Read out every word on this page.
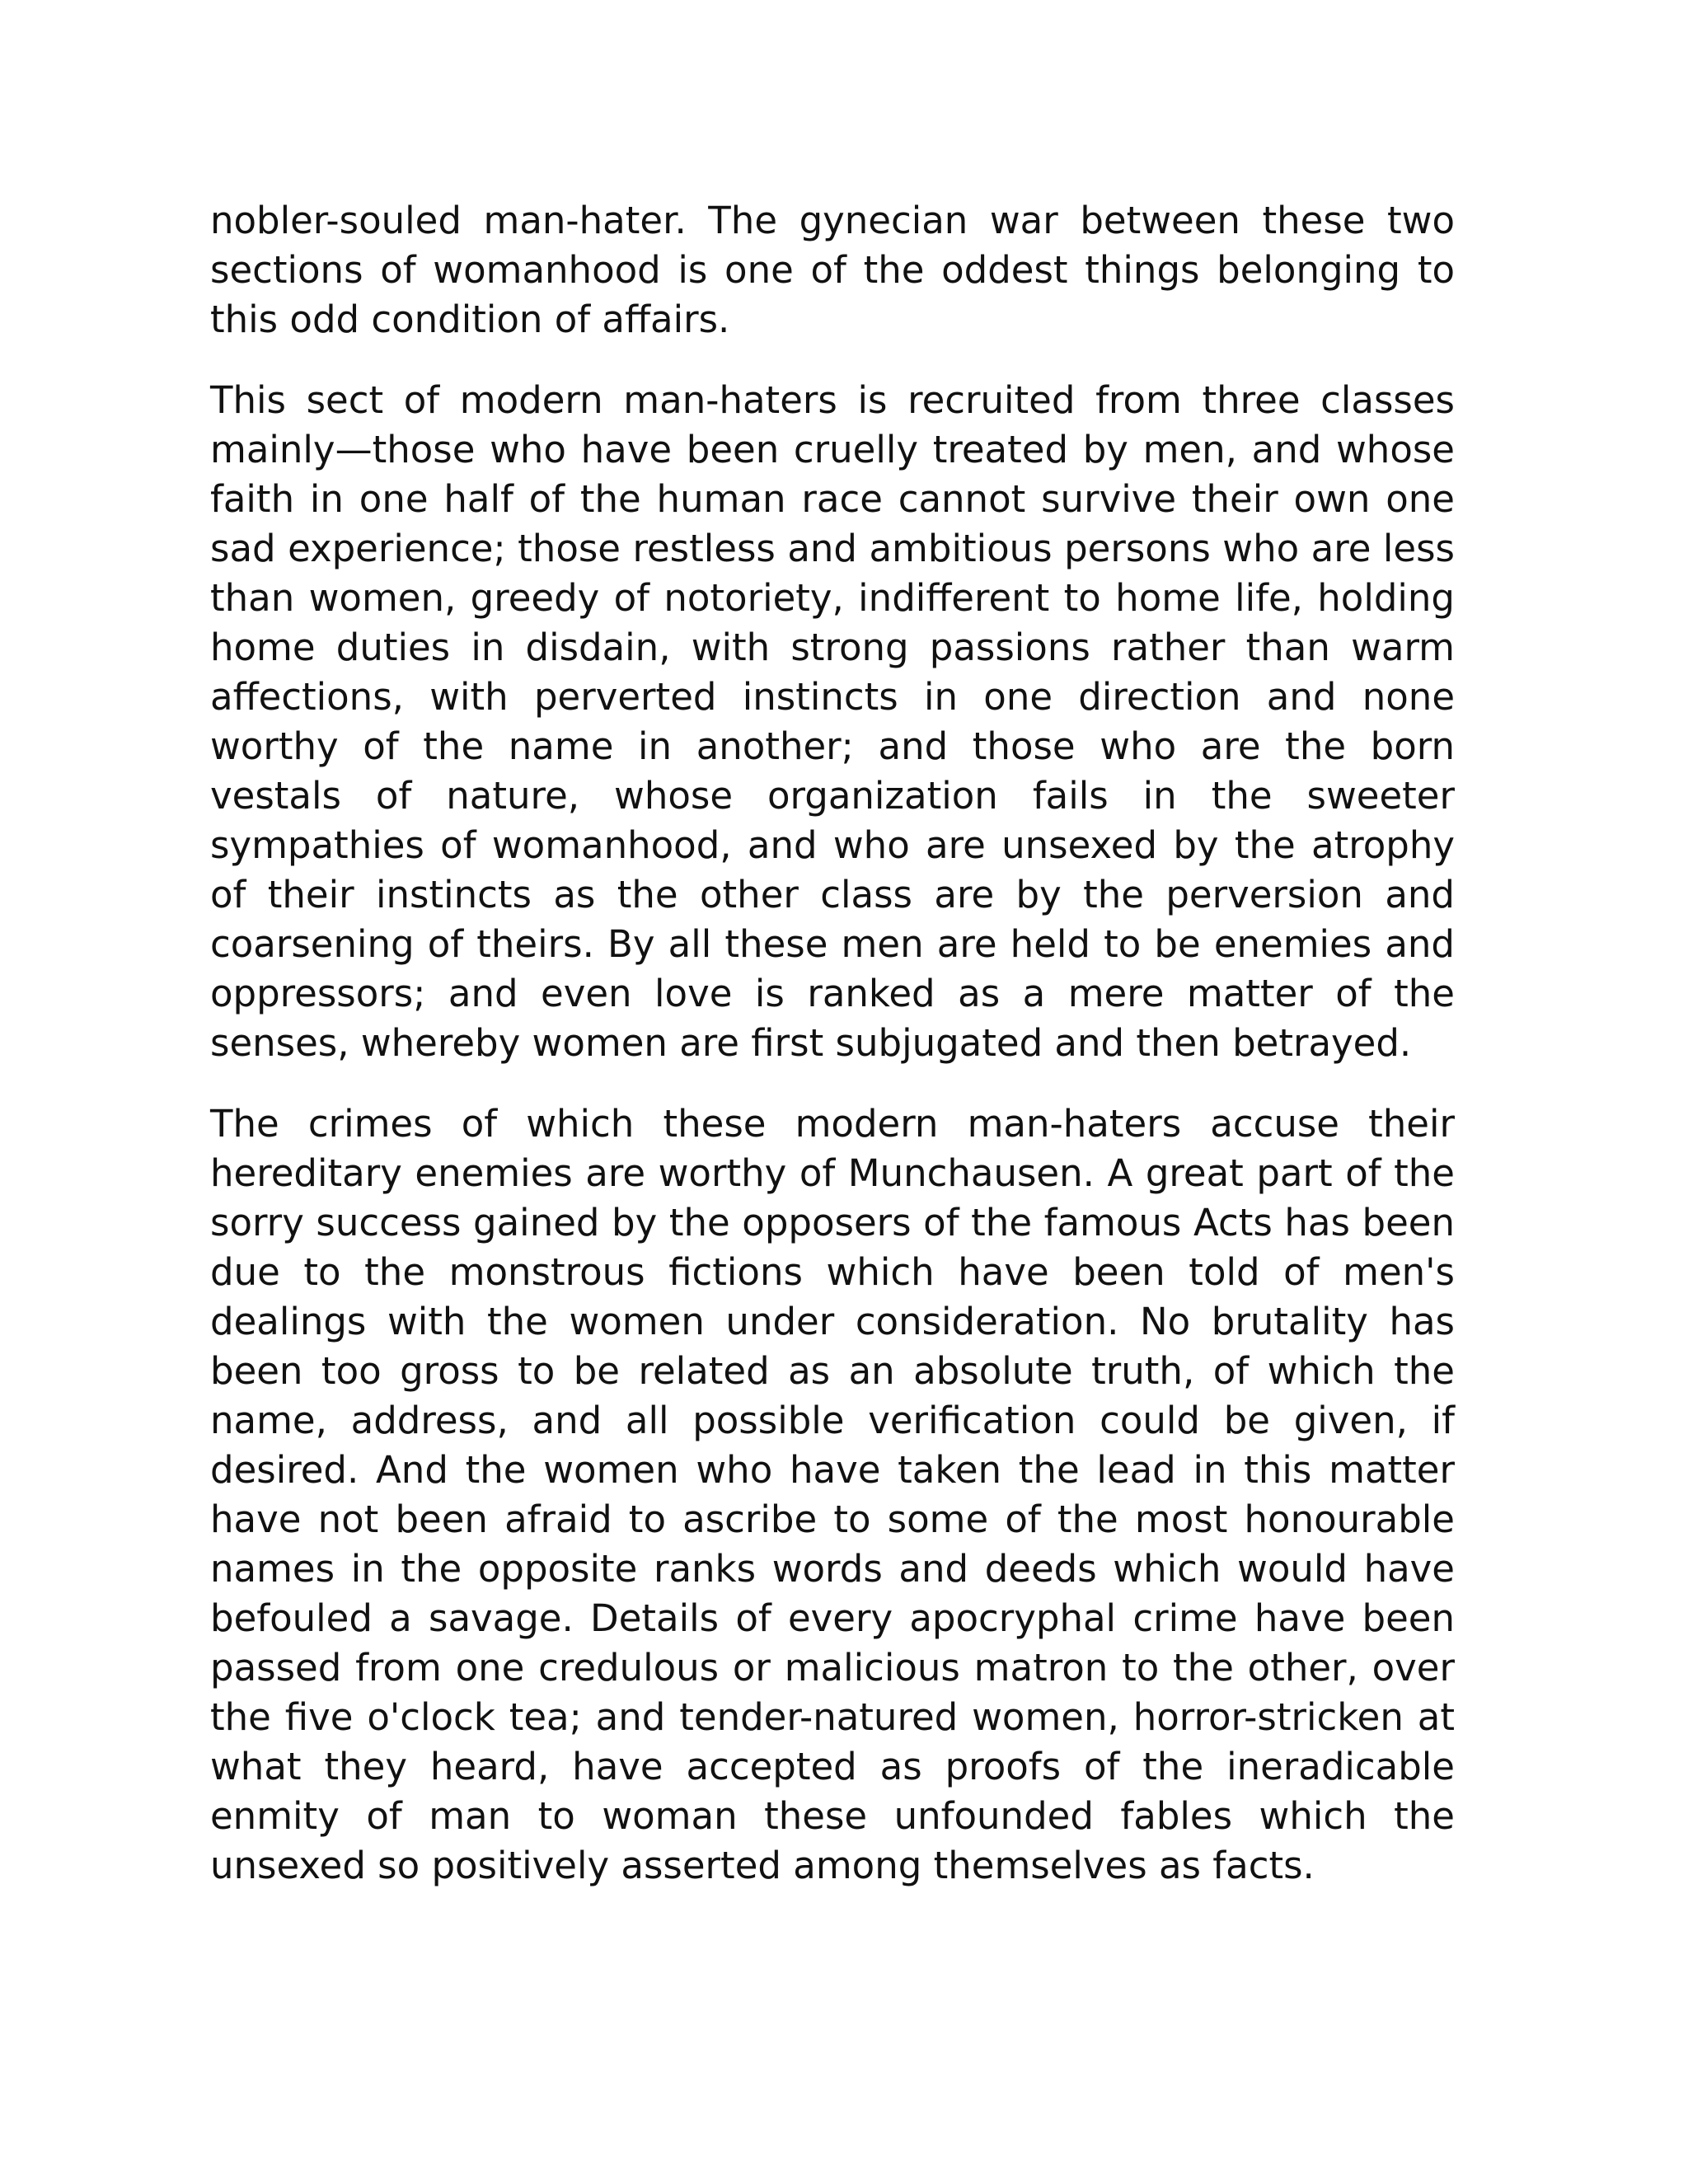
nobler-souled man-hater. The gynecian war between these two sections of womanhood is one of the oddest things belonging to this odd condition of affairs.

This sect of modern man-haters is recruited from three classes mainly—those who have been cruelly treated by men, and whose faith in one half of the human race cannot survive their own one sad experience; those restless and ambitious persons who are less than women, greedy of notoriety, indifferent to home life, holding home duties in disdain, with strong passions rather than warm affections, with perverted instincts in one direction and none worthy of the name in another; and those who are the born vestals of nature, whose organization fails in the sweeter sympathies of womanhood, and who are unsexed by the atrophy of their instincts as the other class are by the perversion and coarsening of theirs. By all these men are held to be enemies and oppressors; and even love is ranked as a mere matter of the senses, whereby women are first subjugated and then betrayed.

The crimes of which these modern man-haters accuse their hereditary enemies are worthy of Munchausen. A great part of the sorry success gained by the opposers of the famous Acts has been due to the monstrous fictions which have been told of men's dealings with the women under consideration. No brutality has been too gross to be related as an absolute truth, of which the name, address, and all possible verification could be given, if desired. And the women who have taken the lead in this matter have not been afraid to ascribe to some of the most honourable names in the opposite ranks words and deeds which would have befouled a savage. Details of every apocryphal crime have been passed from one credulous or malicious matron to the other, over the five o'clock tea; and tender-natured women, horror-stricken at what they heard, have accepted as proofs of the ineradicable enmity of man to woman these unfounded fables which the unsexed so positively asserted among themselves as facts.
